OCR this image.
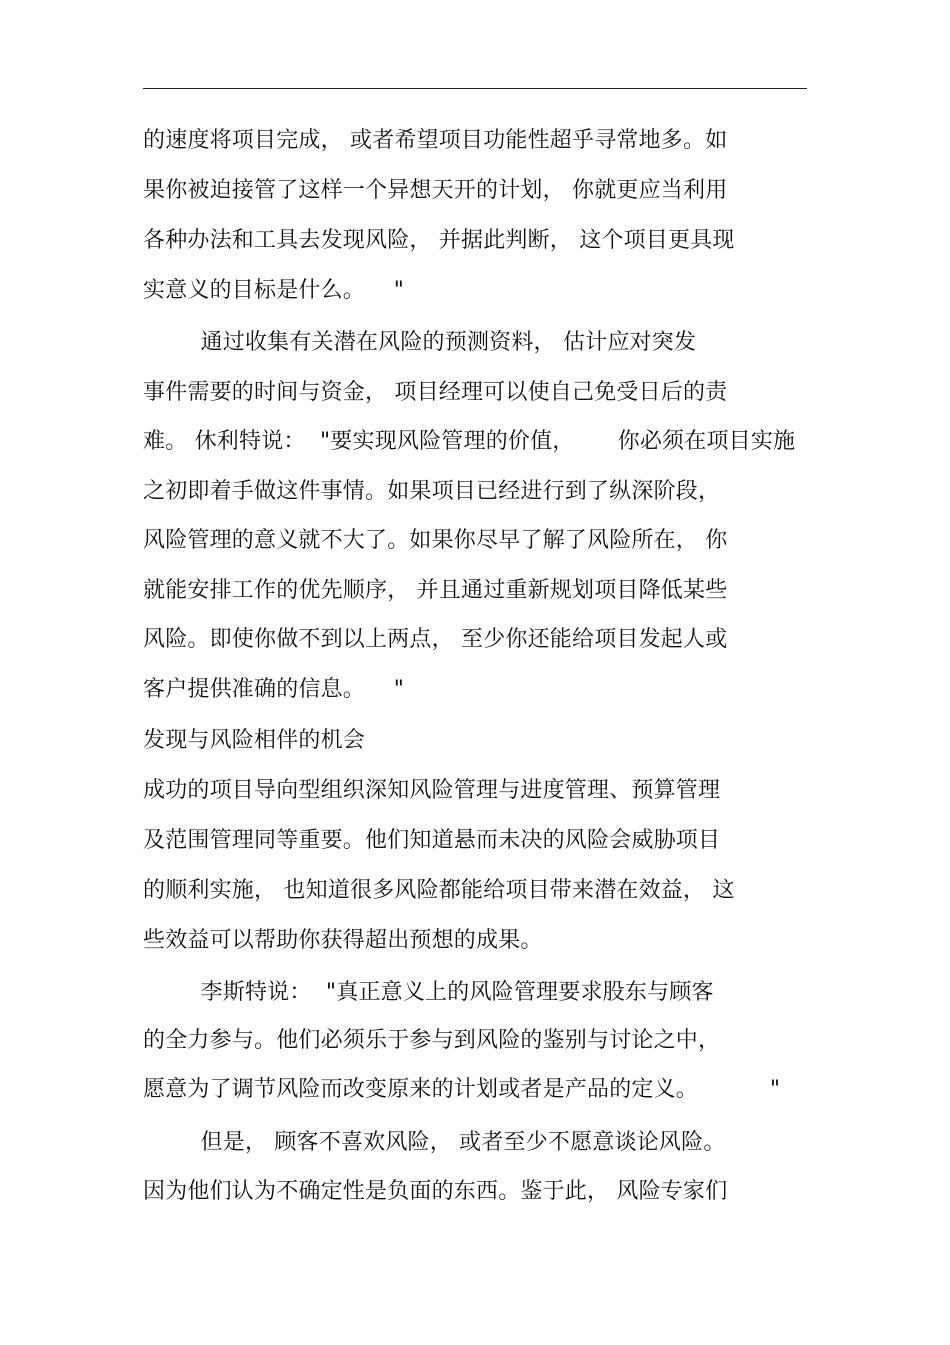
的速度将项目完成， 或者希望项目功能性超乎寻常地多。如
果你被迫接管了这样一个异想天开的计划， 你就更应当利用
各种办法和工具去发现风险， 并据此判断， 这个项目更具现
实意义的目标是什么。    "
通过收集有关潜在风险的预测资料， 估计应对突发
事件需要的时间与资金， 项目经理可以使自己免受日后的责
难。 休利特说：  "要实现风险管理的价值，      你必须在项目实施
之初即着手做这件事情。如果项目已经进行到了纵深阶段，
风险管理的意义就不大了。如果你尽早了解了风险所在， 你
就能安排工作的优先顺序， 并且通过重新规划项目降低某些
风险。即使你做不到以上两点， 至少你还能给项目发起人或
客户提供准确的信息。    "
发现与风险相伴的机会
成功的项目导向型组织深知风险管理与进度管理、预算管理
及范围管理同等重要。他们知道悬而未决的风险会威胁项目
的顺利实施， 也知道很多风险都能给项目带来潜在效益， 这
些效益可以帮助你获得超出预想的成果。
李斯特说：  "真正意义上的风险管理要求股东与顾客
的全力参与。他们必须乐于参与到风险的鉴别与讨论之中，
愿意为了调节风险而改变原来的计划或者是产品的定义。          "
但是， 顾客不喜欢风险， 或者至少不愿意谈论风险。
因为他们认为不确定性是负面的东西。鉴于此， 风险专家们
